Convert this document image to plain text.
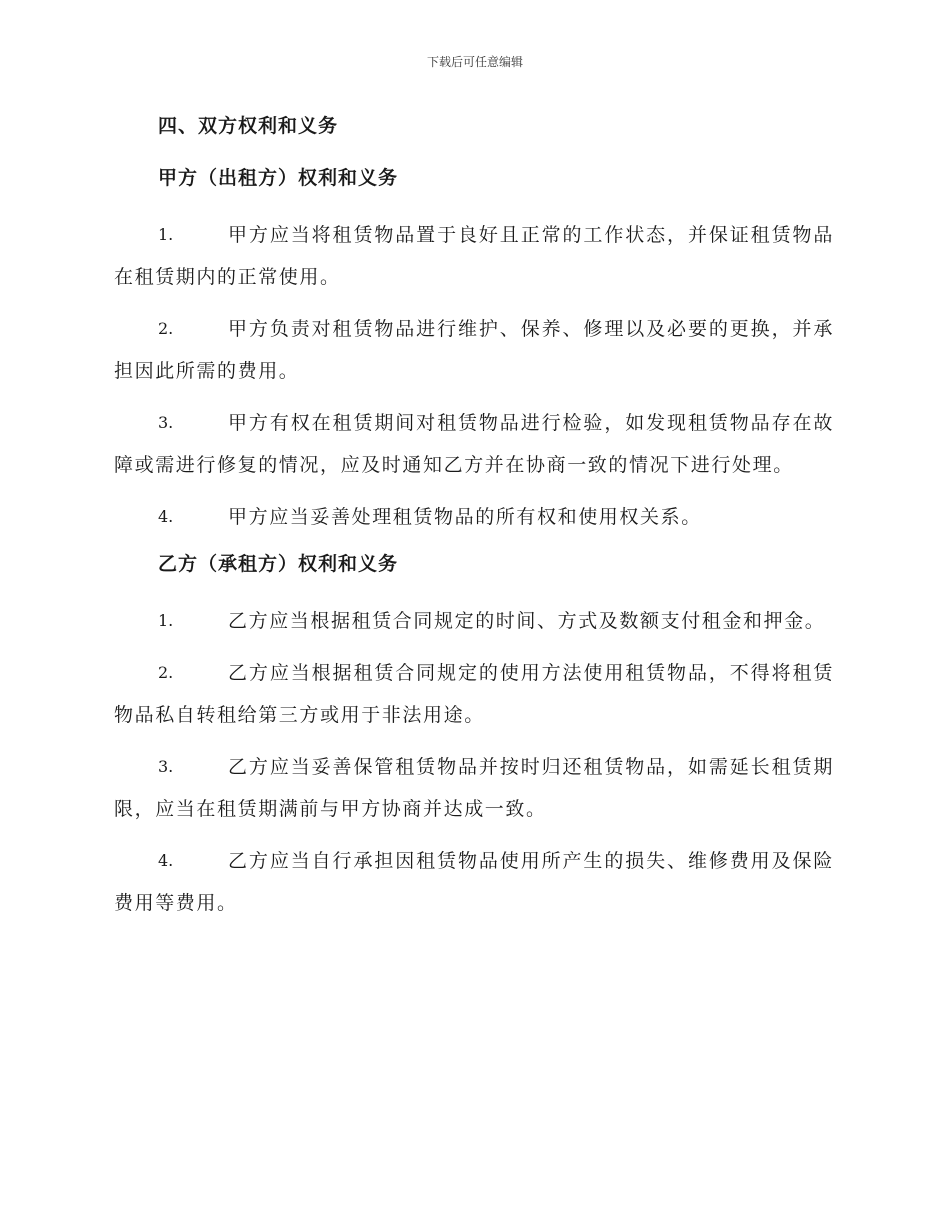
下载后可任意编辑
四、双方权利和义务
甲方（出租方）权利和义务

1.	甲方应当将租赁物品置于良好且正常的工作状态，并保证租赁物品在租赁期内的正常使用。

2.	甲方负责对租赁物品进行维护、保养、修理以及必要的更换，并承担因此所需的费用。

3.	甲方有权在租赁期间对租赁物品进行检验，如发现租赁物品存在故障或需进行修复的情况，应及时通知乙方并在协商一致的情况下进行处理。

4.	甲方应当妥善处理租赁物品的所有权和使用权关系。

乙方（承租方）权利和义务

1.	乙方应当根据租赁合同规定的时间、方式及数额支付租金和押金。

2.	乙方应当根据租赁合同规定的使用方法使用租赁物品，不得将租赁物品私自转租给第三方或用于非法用途。

3.	乙方应当妥善保管租赁物品并按时归还租赁物品，如需延长租赁期限，应当在租赁期满前与甲方协商并达成一致。

4.	乙方应当自行承担因租赁物品使用所产生的损失、维修费用及保险费用等费用。
